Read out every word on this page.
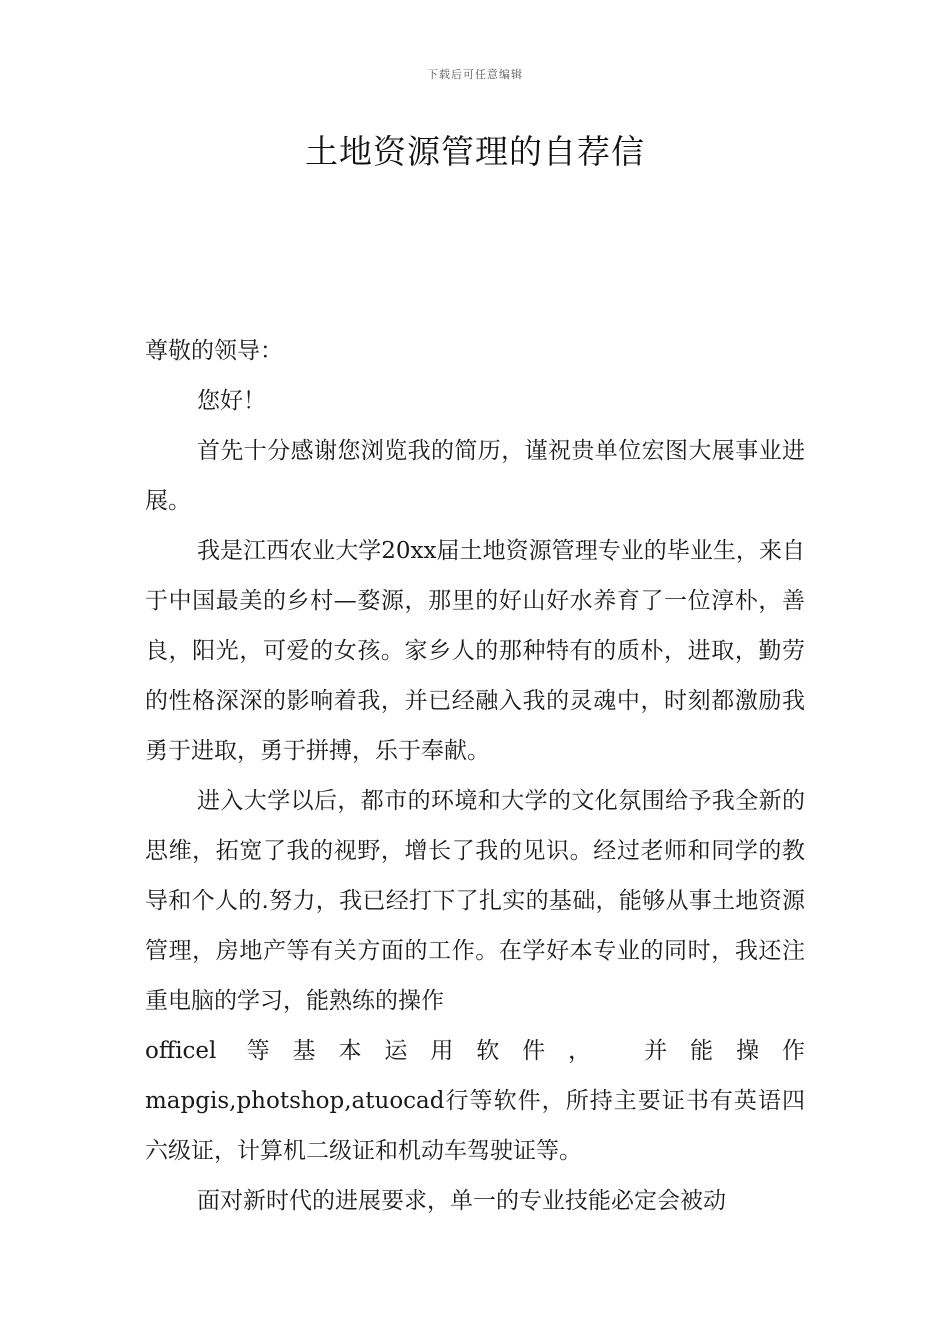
下载后可任意编辑
土地资源管理的自荐信

尊敬的领导：

您好！

首先十分感谢您浏览我的简历，谨祝贵单位宏图大展事业进展。

我是江西农业大学20xx届土地资源管理专业的毕业生，来自于中国最美的乡村—婺源，那里的好山好水养育了一位淳朴，善良，阳光，可爱的女孩。家乡人的那种特有的质朴，进取，勤劳的性格深深的影响着我，并已经融入我的灵魂中，时刻都激励我勇于进取，勇于拼搏，乐于奉献。

进入大学以后，都市的环境和大学的文化氛围给予我全新的思维，拓宽了我的视野，增长了我的见识。经过老师和同学的教导和个人的.努力，我已经打下了扎实的基础，能够从事土地资源管理，房地产等有关方面的工作。在学好本专业的同时，我还注重电脑的学习，能熟练的操作

officel 等基本运用软件， 并能操作

mapgis,photshop,atuocad行等软件，所持主要证书有英语四六级证，计算机二级证和机动车驾驶证等。

面对新时代的进展要求，单一的专业技能必定会被动
